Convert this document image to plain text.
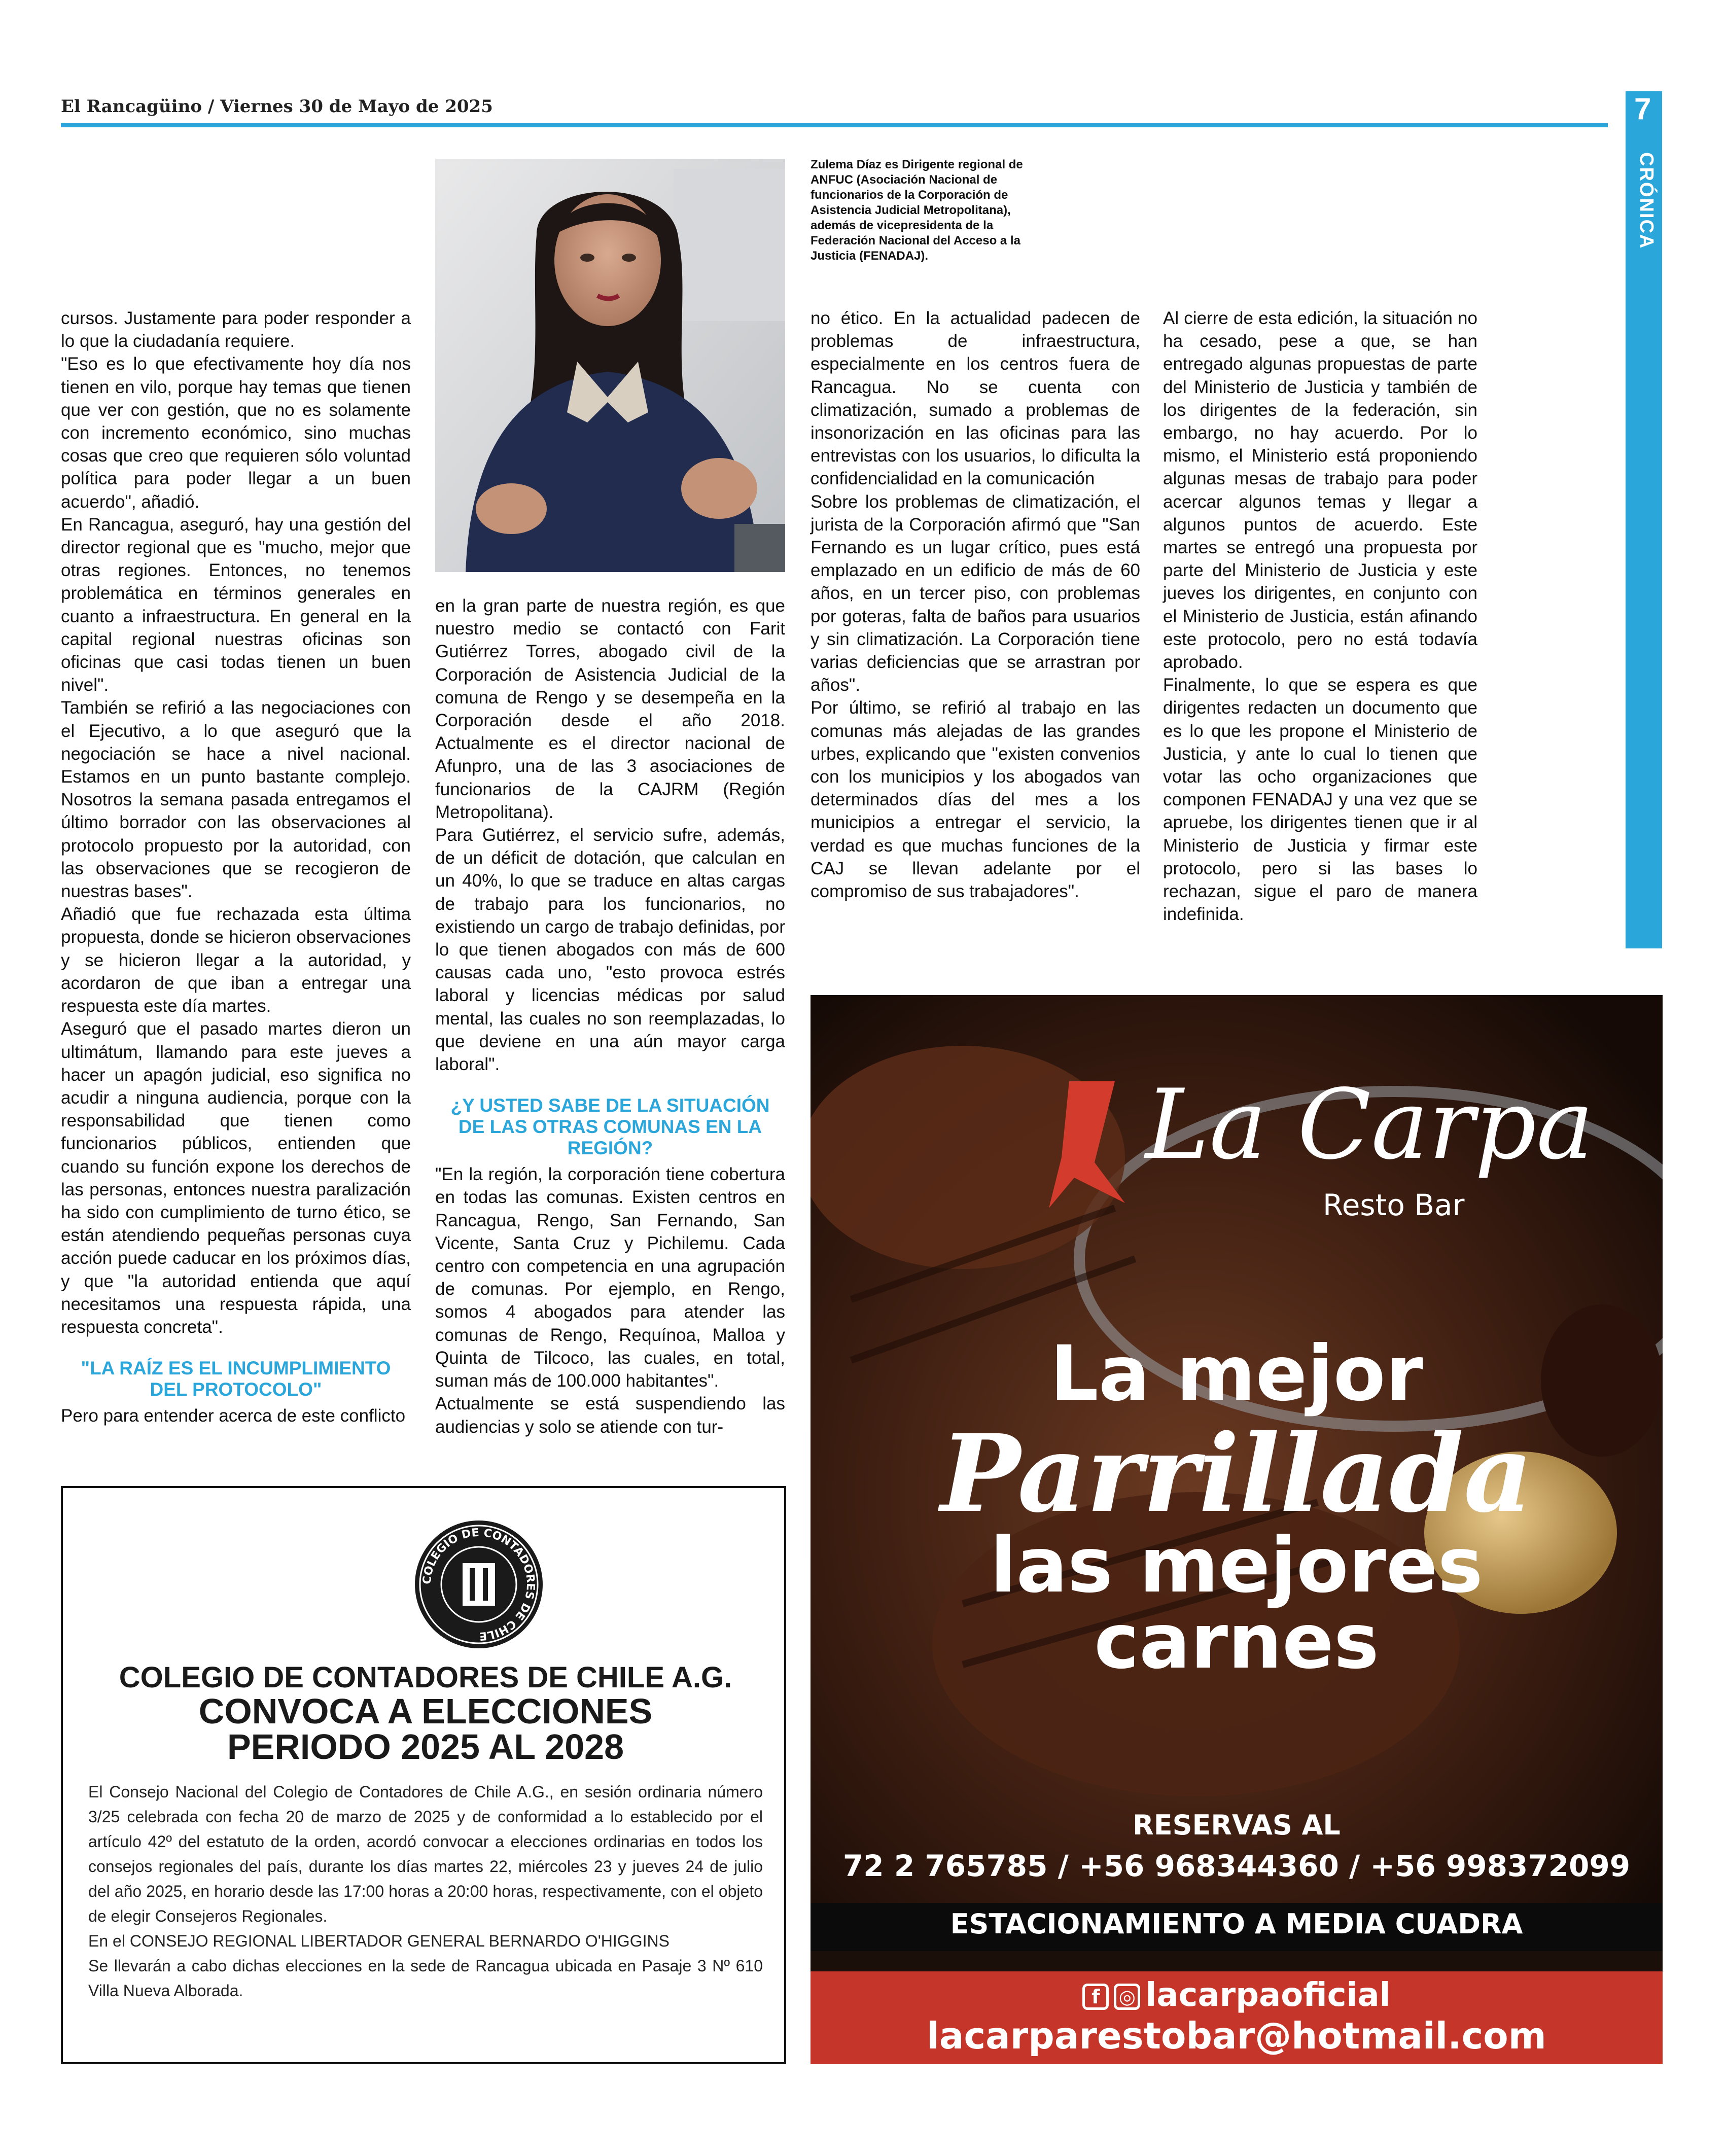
El Rancagüino / Viernes 30 de Mayo de 2025	7
CRÓNICA
Zulema Díaz es Dirigente regional de ANFUC (Asociación Nacional de funcionarios de la Corporación de Asistencia Judicial Metropolitana), además de vicepresidenta de la Federación Nacional del Acceso a la Justicia (FENADAJ).

cursos. Justamente para poder responder a lo que la ciudadanía requiere.

"Eso es lo que efectivamente hoy día nos tienen en vilo, porque hay temas que tienen que ver con gestión, que no es solamente con incremento económico, sino muchas cosas que creo que requieren sólo voluntad política para poder llegar a un buen acuerdo", añadió.

En Rancagua, aseguró, hay una gestión del director regional que es "mucho, mejor que otras regiones. Entonces, no tenemos problemática en términos generales en cuanto a infraestructura. En general en la capital regional nuestras oficinas son oficinas que casi todas tienen un buen nivel".

También se refirió a las negociaciones con el Ejecutivo, a lo que aseguró que la negociación se hace a nivel nacional. Estamos en un punto bastante complejo. Nosotros la semana pasada entregamos el último borrador con las observaciones al protocolo propuesto por la autoridad, con las observaciones que se recogieron de nuestras bases".

Añadió que fue rechazada esta última propuesta, donde se hicieron observaciones y se hicieron llegar a la autoridad, y acordaron de que iban a entregar una respuesta este día martes.

Aseguró que el pasado martes dieron un ultimátum, llamando para este jueves a hacer un apagón judicial, eso significa no acudir a ninguna audiencia, porque con la responsabilidad que tienen como funcionarios públicos, entienden que cuando su función expone los derechos de las personas, entonces nuestra paralización ha sido con cumplimiento de turno ético, se están atendiendo pequeñas personas cuya acción puede caducar en los próximos días, y que "la autoridad entienda que aquí necesitamos una respuesta rápida, una respuesta concreta".

"LA RAÍZ ES EL INCUMPLIMIENTO DEL PROTOCOLO"

Pero para entender acerca de este conflicto

en la gran parte de nuestra región, es que nuestro medio se contactó con Farit Gutiérrez Torres, abogado civil de la Corporación de Asistencia Judicial de la comuna de Rengo y se desempeña en la Corporación desde el año 2018. Actualmente es el director nacional de Afunpro, una de las 3 asociaciones de funcionarios de la CAJRM (Región Metropolitana).

Para Gutiérrez, el servicio sufre, además, de un déficit de dotación, que calculan en un 40%, lo que se traduce en altas cargas de trabajo para los funcionarios, no existiendo un cargo de trabajo definidas, por lo que tienen abogados con más de 600 causas cada uno, "esto provoca estrés laboral y licencias médicas por salud mental, las cuales no son reemplazadas, lo que deviene en una aún mayor carga laboral".

¿Y USTED SABE DE LA SITUACIÓN DE LAS OTRAS COMUNAS EN LA REGIÓN?

"En la región, la corporación tiene cobertura en todas las comunas. Existen centros en Rancagua, Rengo, San Fernando, San Vicente, Santa Cruz y Pichilemu. Cada centro con competencia en una agrupación de comunas. Por ejemplo, en Rengo, somos 4 abogados para atender las comunas de Rengo, Requínoa, Malloa y Quinta de Tilcoco, las cuales, en total, suman más de 100.000 habitantes".

Actualmente se está suspendiendo las audiencias y solo se atiende con tur-

no ético. En la actualidad padecen de problemas de infraestructura, especialmente en los centros fuera de Rancagua. No se cuenta con climatización, sumado a problemas de insonorización en las oficinas para las entrevistas con los usuarios, lo dificulta la confidencialidad en la comunicación

Sobre los problemas de climatización, el jurista de la Corporación afirmó que "San Fernando es un lugar crítico, pues está emplazado en un edificio de más de 60 años, en un tercer piso, con problemas por goteras, falta de baños para usuarios y sin climatización. La Corporación tiene varias deficiencias que se arrastran por años".

Por último, se refirió al trabajo en las comunas más alejadas de las grandes urbes, explicando que "existen convenios con los municipios y los abogados van determinados días del mes a los municipios a entregar el servicio, la verdad es que muchas funciones de la CAJ se llevan adelante por el compromiso de sus trabajadores".

Al cierre de esta edición, la situación no ha cesado, pese a que, se han entregado algunas propuestas de parte del Ministerio de Justicia y también de los dirigentes de la federación, sin embargo, no hay acuerdo. Por lo mismo, el Ministerio está proponiendo algunas mesas de trabajo para poder acercar algunos temas y llegar a algunos puntos de acuerdo. Este martes se entregó una propuesta por parte del Ministerio de Justicia y este jueves los dirigentes, en conjunto con el Ministerio de Justicia, están afinando este protocolo, pero no está todavía aprobado.

Finalmente, lo que se espera es que dirigentes redacten un documento que es lo que les propone el Ministerio de Justicia, y ante lo cual lo tienen que votar las ocho organizaciones que componen FENADAJ y una vez que se apruebe, los dirigentes tienen que ir al Ministerio de Justicia y firmar este protocolo, pero si las bases lo rechazan, sigue el paro de manera indefinida.

COLEGIO DE CONTADORES DE CHILE
COLEGIO DE CONTADORES DE CHILE A.G.
CONVOCA A ELECCIONES
PERIODO 2025 AL 2028

El Consejo Nacional del Colegio de Contadores de Chile A.G., en sesión ordinaria número 3/25 celebrada con fecha 20 de marzo de 2025 y de conformidad a lo establecido por el artículo 42º del estatuto de la orden, acordó convocar a elecciones ordinarias en todos los consejos regionales del país, durante los días martes 22, miércoles 23 y jueves 24 de julio del año 2025, en horario desde las 17:00 horas a 20:00 horas, respectivamente, con el objeto de elegir Consejeros Regionales.

En el CONSEJO REGIONAL LIBERTADOR GENERAL BERNARDO O'HIGGINS

Se llevarán a cabo dichas elecciones en la sede de Rancagua ubicada en Pasaje 3 Nº 610 Villa Nueva Alborada.

La Carpa
Resto Bar
La mejor
Parrillada
las mejores
carnes
RESERVAS AL
72 2 765785 / +56 968344360 / +56 998372099
ESTACIONAMIENTO A MEDIA CUADRA
f ◎ lacarpaoficial
lacarparestobar@hotmail.com
